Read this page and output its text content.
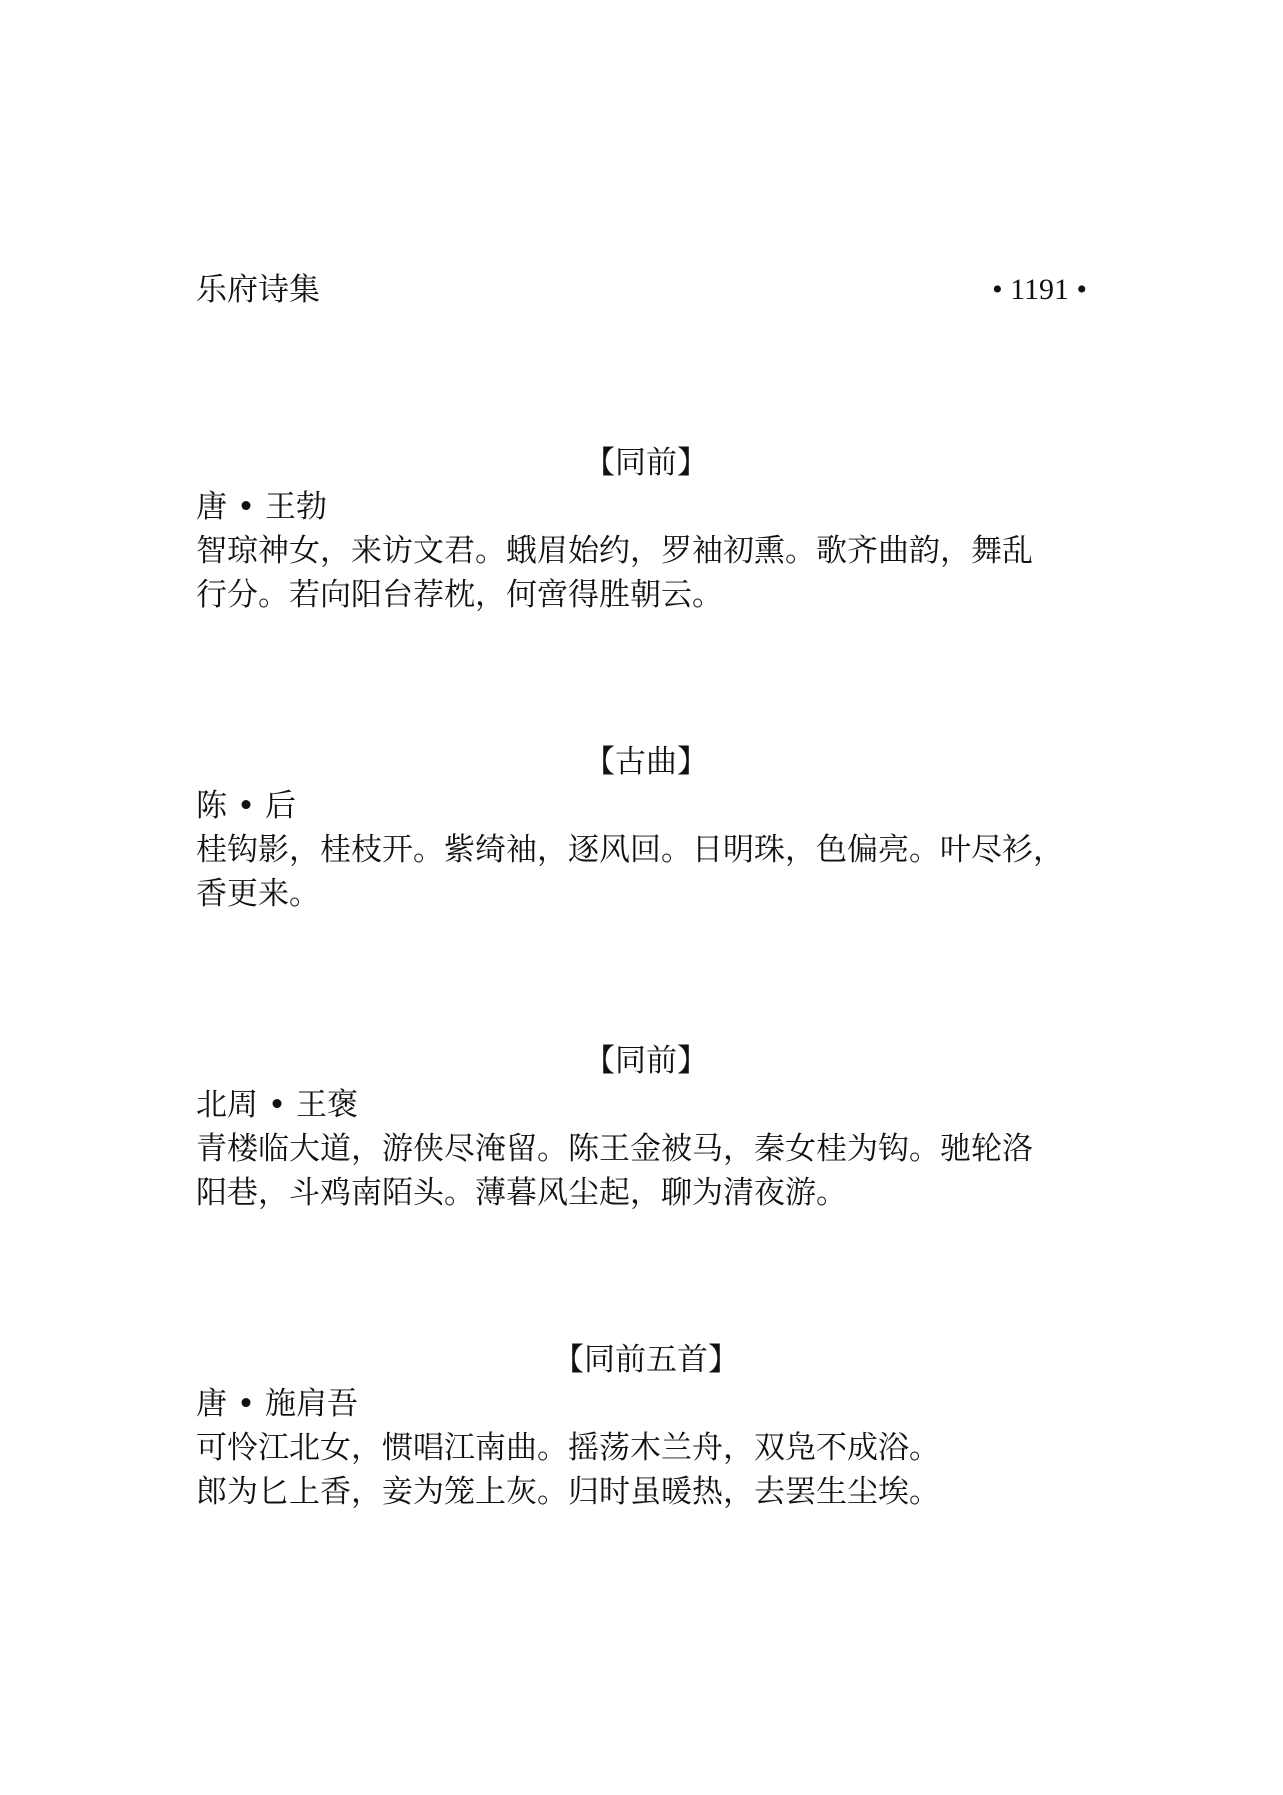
乐府诗集	• 1191 •
【同前】
唐 • 王勃
智琼神女，来访文君。蛾眉始约，罗袖初熏。歌齐曲韵，舞乱
行分。若向阳台荐枕，何啻得胜朝云。
【古曲】
陈 • 后
桂钩影，桂枝开。紫绮袖，逐风回。日明珠，色偏亮。叶尽衫，
香更来。
【同前】
北周 • 王褒
青楼临大道，游侠尽淹留。陈王金被马，秦女桂为钩。驰轮洛
阳巷，斗鸡南陌头。薄暮风尘起，聊为清夜游。
【同前五首】
唐 • 施肩吾
可怜江北女，惯唱江南曲。摇荡木兰舟，双凫不成浴。
郎为匕上香，妾为笼上灰。归时虽暖热，去罢生尘埃。
